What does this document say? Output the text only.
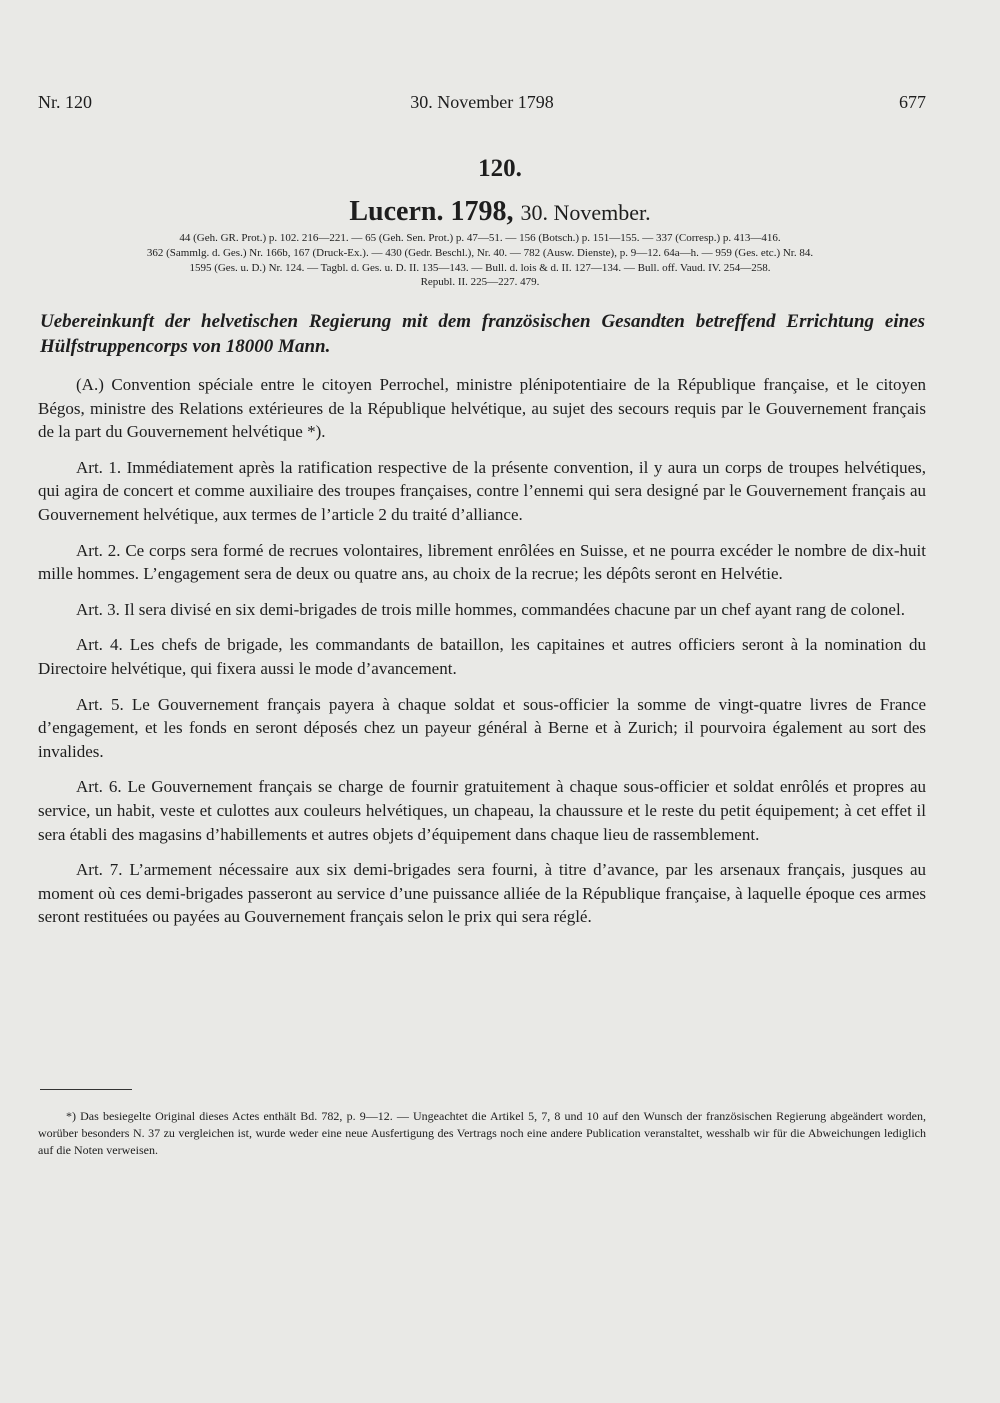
30. November 1798
Nr. 120	677
120.
Lucern. 1798, 30. November.
44 (Geh. GR. Prot.) p. 102. 216—221. — 65 (Geh. Sen. Prot.) p. 47—51. — 156 (Botsch.) p. 151—155. — 337 (Corresp.) p. 413—416.
362 (Sammlg. d. Ges.) Nr. 166b, 167 (Druck-Ex.). — 430 (Gedr. Beschl.), Nr. 40. — 782 (Ausw. Dienste), p. 9—12. 64a—h. — 959 (Ges. etc.) Nr. 84.
1595 (Ges. u. D.) Nr. 124. — Tagbl. d. Ges. u. D. II. 135—143. — Bull. d. lois & d. II. 127—134. — Bull. off. Vaud. IV. 254—258.
Republ. II. 225—227. 479.
Uebereinkunft der helvetischen Regierung mit dem französischen Gesandten betreffend Errichtung eines Hülfstruppencorps von 18000 Mann.

(A.) Convention spéciale entre le citoyen Perrochel, ministre plénipotentiaire de la République française, et le citoyen Bégos, ministre des Relations extérieures de la République helvétique, au sujet des secours requis par le Gouvernement français de la part du Gouvernement helvétique *).

Art. 1. Immédiatement après la ratification respective de la présente convention, il y aura un corps de troupes helvétiques, qui agira de concert et comme auxiliaire des troupes françaises, contre l’ennemi qui sera designé par le Gouvernement français au Gouvernement helvétique, aux termes de l’article 2 du traité d’alliance.

Art. 2. Ce corps sera formé de recrues volontaires, librement enrôlées en Suisse, et ne pourra excéder le nombre de dix-huit mille hommes. L’engagement sera de deux ou quatre ans, au choix de la recrue; les dépôts seront en Helvétie.

Art. 3. Il sera divisé en six demi-brigades de trois mille hommes, commandées chacune par un chef ayant rang de colonel.

Art. 4. Les chefs de brigade, les commandants de bataillon, les capitaines et autres officiers seront à la nomination du Directoire helvétique, qui fixera aussi le mode d’avancement.

Art. 5. Le Gouvernement français payera à chaque soldat et sous-officier la somme de vingt-quatre livres de France d’engagement, et les fonds en seront déposés chez un payeur général à Berne et à Zurich; il pourvoira également au sort des invalides.

Art. 6. Le Gouvernement français se charge de fournir gratuitement à chaque sous-officier et soldat enrôlés et propres au service, un habit, veste et culottes aux couleurs helvétiques, un chapeau, la chaussure et le reste du petit équipement; à cet effet il sera établi des magasins d’habillements et autres objets d’équipement dans chaque lieu de rassemblement.

Art. 7. L’armement nécessaire aux six demi-brigades sera fourni, à titre d’avance, par les arsenaux français, jusques au moment où ces demi-brigades passeront au service d’une puissance alliée de la République française, à laquelle époque ces armes seront restituées ou payées au Gouvernement français selon le prix qui sera réglé.

*) Das besiegelte Original dieses Actes enthält Bd. 782, p. 9—12. — Ungeachtet die Artikel 5, 7, 8 und 10 auf den Wunsch der französischen Regierung abgeändert worden, worüber besonders N. 37 zu vergleichen ist, wurde weder eine neue Ausfertigung des Vertrags noch eine andere Publication veranstaltet, wesshalb wir für die Abweichungen lediglich auf die Noten verweisen.
